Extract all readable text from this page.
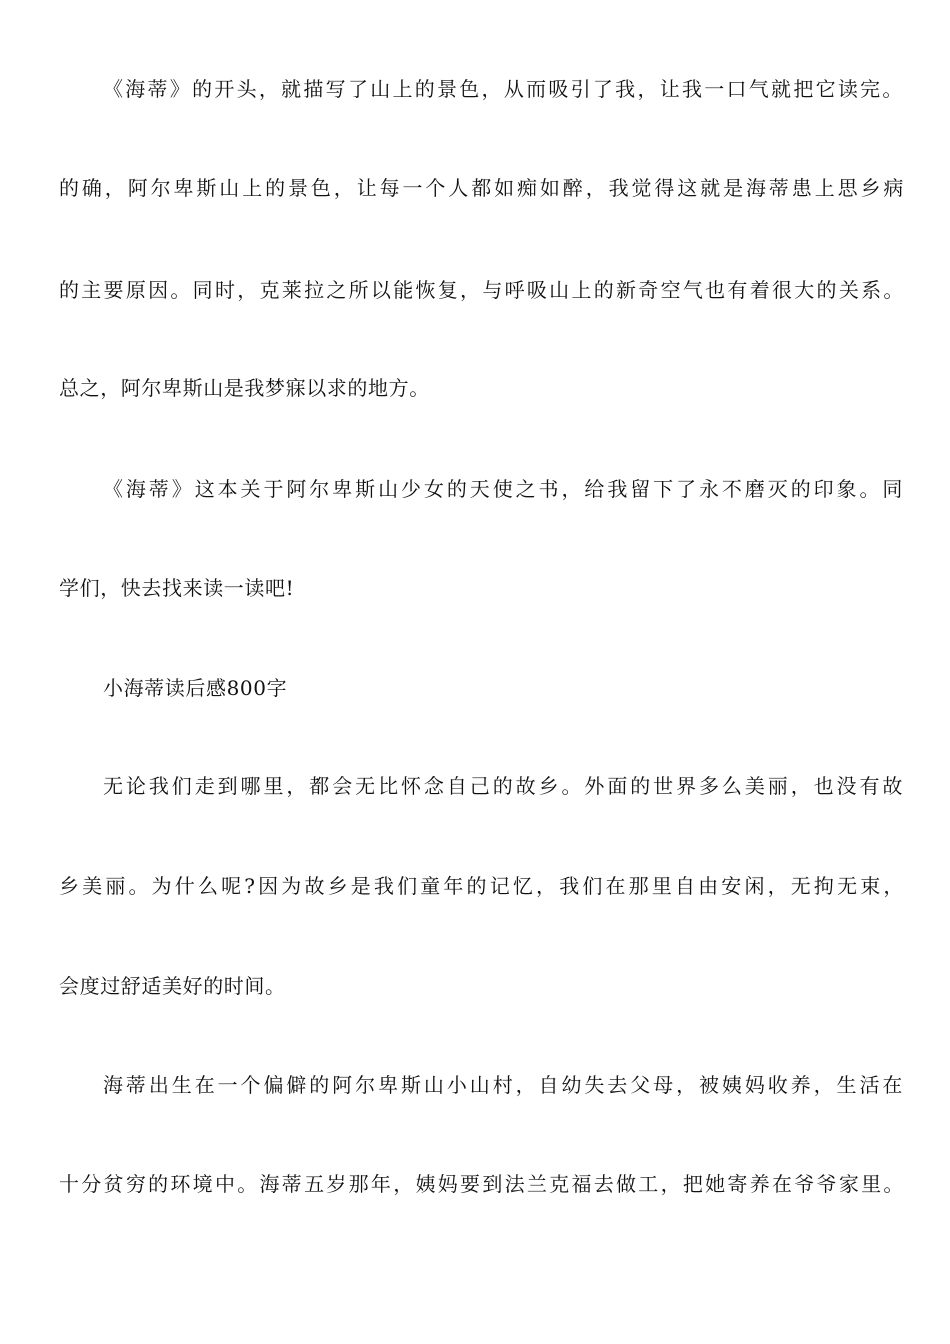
《海蒂》的开头，就描写了山上的景色，从而吸引了我，让我一口气就把它读完。
的确，阿尔卑斯山上的景色，让每一个人都如痴如醉，我觉得这就是海蒂患上思乡病
的主要原因。同时，克莱拉之所以能恢复，与呼吸山上的新奇空气也有着很大的关系。
总之，阿尔卑斯山是我梦寐以求的地方。
《海蒂》这本关于阿尔卑斯山少女的天使之书，给我留下了永不磨灭的印象。同
学们，快去找来读一读吧!
小海蒂读后感800字
无论我们走到哪里，都会无比怀念自己的故乡。外面的世界多么美丽，也没有故
乡美丽。为什么呢?因为故乡是我们童年的记忆，我们在那里自由安闲，无拘无束，
会度过舒适美好的时间。
海蒂出生在一个偏僻的阿尔卑斯山小山村，自幼失去父母，被姨妈收养，生活在
十分贫穷的环境中。海蒂五岁那年，姨妈要到法兰克福去做工，把她寄养在爷爷家里。
